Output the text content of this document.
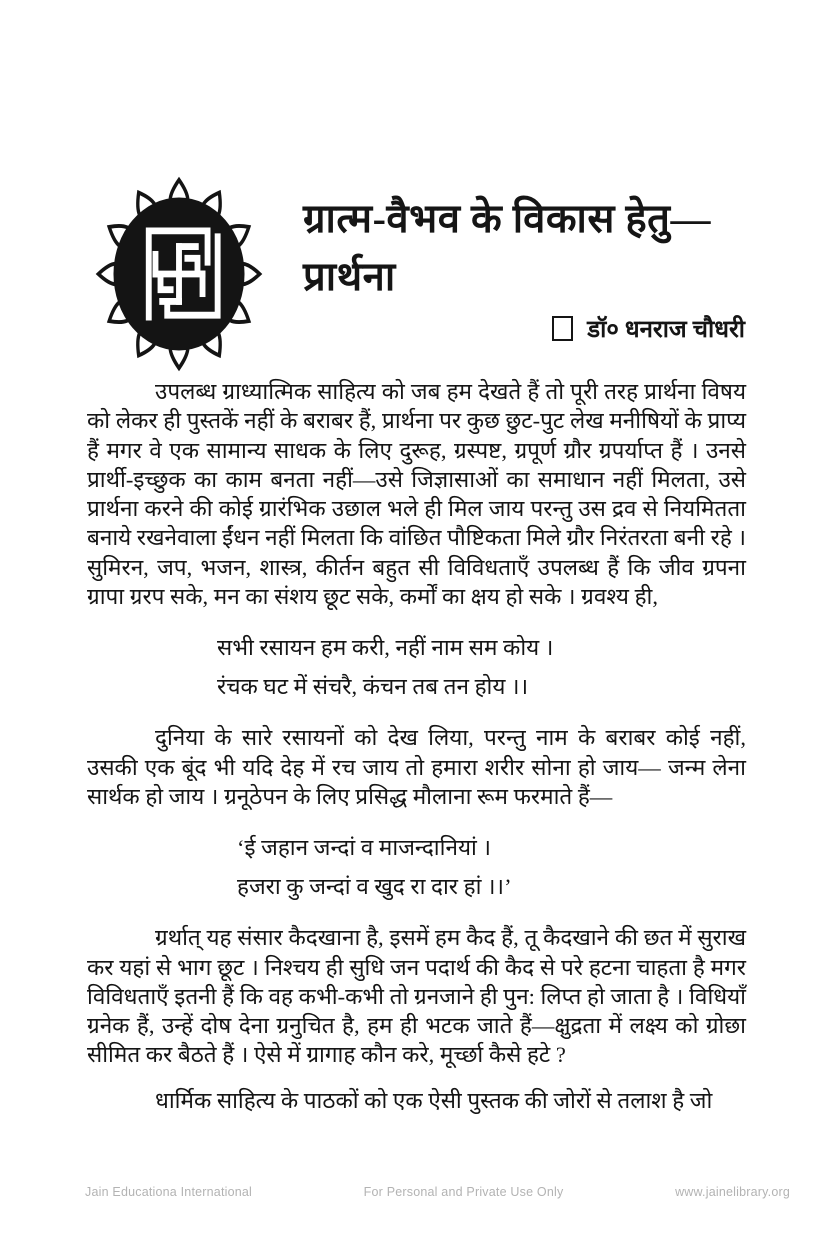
ग्रात्म-वैभव के विकास हेतु—
प्रार्थना
डॉ० धनराज चौधरी

उपलब्ध ग्राध्यात्मिक साहित्य को जब हम देखते हैं तो पूरी तरह प्रार्थना विषय को लेकर ही पुस्तकें नहीं के बराबर हैं, प्रार्थना पर कुछ छुट-पुट लेख मनीषियों के प्राप्य हैं मगर वे एक सामान्य साधक के लिए दुरूह, ग्रस्पष्ट, ग्रपूर्ण ग्रौर ग्रपर्याप्त हैं । उनसे प्रार्थी-इच्छुक का काम बनता नहीं—उसे जिज्ञासाओं का समाधान नहीं मिलता, उसे प्रार्थना करने की कोई ग्रारंभिक उछाल भले ही मिल जाय परन्तु उस द्रव से नियमितता बनाये रखनेवाला ईंधन नहीं मिलता कि वांछित पौष्टिकता मिले ग्रौर निरंतरता बनी रहे । सुमिरन, जप, भजन, शास्त्र, कीर्तन बहुत सी विविधताएँ उपलब्ध हैं कि जीव ग्रपना ग्रापा ग्ररप सके, मन का संशय छूट सके, कर्मों का क्षय हो सके । ग्रवश्य ही,

सभी रसायन हम करी, नहीं नाम सम कोय ।
रंचक घट में संचरै, कंचन तब तन होय ।।

दुनिया के सारे रसायनों को देख लिया, परन्तु नाम के बराबर कोई नहीं, उसकी एक बूंद भी यदि देह में रच जाय तो हमारा शरीर सोना हो जाय— जन्म लेना सार्थक हो जाय । ग्रनूठेपन के लिए प्रसिद्ध मौलाना रूम फरमाते हैं—

‘ई जहान जन्दां व माजन्दानियां ।
हजरा कु जन्दां व खुद रा दार हां ।।’

ग्रर्थात् यह संसार कैदखाना है, इसमें हम कैद हैं, तू कैदखाने की छत में सुराख कर यहां से भाग छूट । निश्चय ही सुधि जन पदार्थ की कैद से परे हटना चाहता है मगर विविधताएँ इतनी हैं कि वह कभी-कभी तो ग्रनजाने ही पुन: लिप्त हो जाता है । विधियाँ ग्रनेक हैं, उन्हें दोष देना ग्रनुचित है, हम ही भटक जाते हैं—क्षुद्रता में लक्ष्य को ग्रोछा सीमित कर बैठते हैं । ऐसे में ग्रागाह कौन करे, मूर्च्छा कैसे हटे ?

धार्मिक साहित्य के पाठकों को एक ऐसी पुस्तक की जोरों से तलाश है जो

Jain Educationa International	For Personal and Private Use Only	www.jainelibrary.org
